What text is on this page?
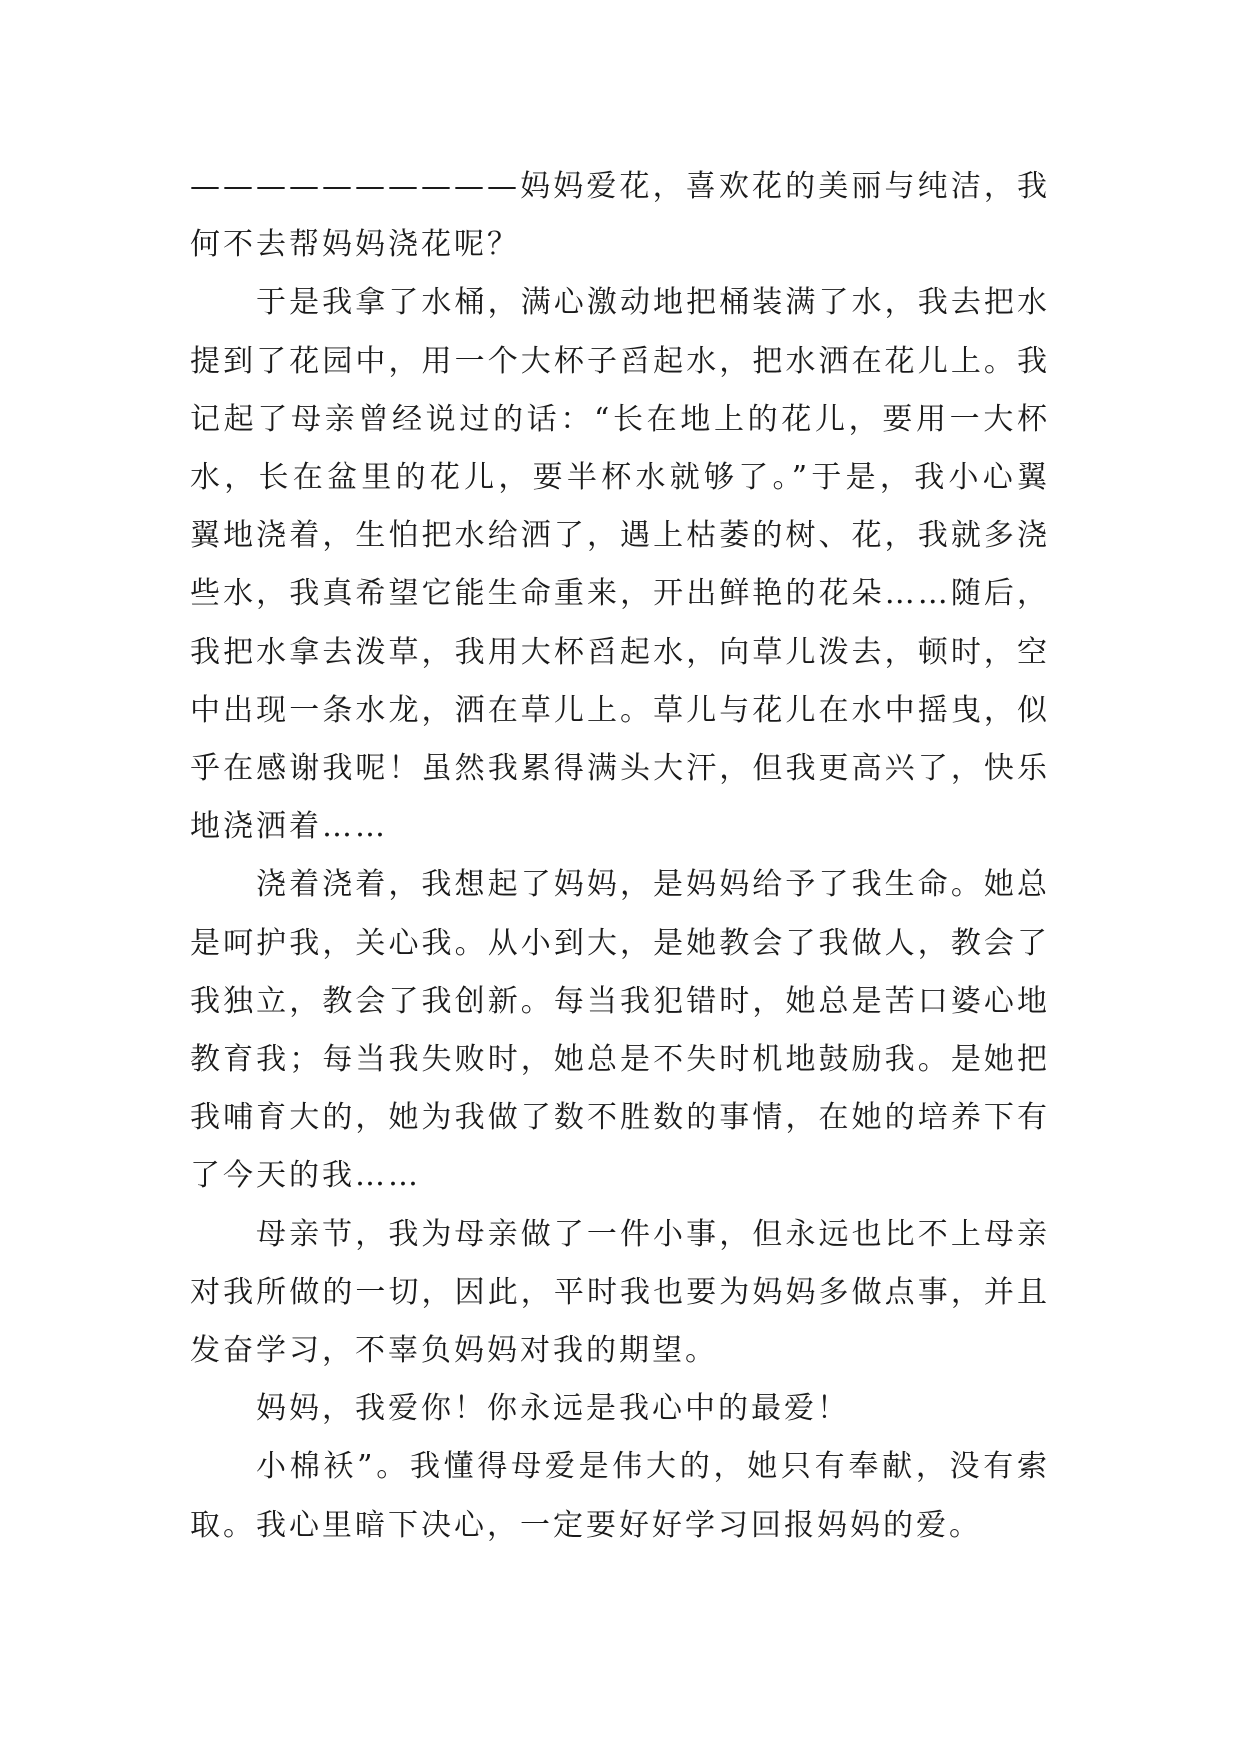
——————————妈妈爱花，喜欢花的美丽与纯洁，我何不去帮妈妈浇花呢？

于是我拿了水桶，满心激动地把桶装满了水，我去把水提到了花园中，用一个大杯子舀起水，把水洒在花儿上。我记起了母亲曾经说过的话：“长在地上的花儿，要用一大杯水，长在盆里的花儿，要半杯水就够了。”于是，我小心翼翼地浇着，生怕把水给洒了，遇上枯萎的树、花，我就多浇些水，我真希望它能生命重来，开出鲜艳的花朵……随后，我把水拿去泼草，我用大杯舀起水，向草儿泼去，顿时，空中出现一条水龙，洒在草儿上。草儿与花儿在水中摇曳，似乎在感谢我呢！虽然我累得满头大汗，但我更高兴了，快乐地浇洒着……

浇着浇着，我想起了妈妈，是妈妈给予了我生命。她总是呵护我，关心我。从小到大，是她教会了我做人，教会了我独立，教会了我创新。每当我犯错时，她总是苦口婆心地教育我；每当我失败时，她总是不失时机地鼓励我。是她把我哺育大的，她为我做了数不胜数的事情，在她的培养下有了今天的我……

母亲节，我为母亲做了一件小事，但永远也比不上母亲对我所做的一切，因此，平时我也要为妈妈多做点事，并且发奋学习，不辜负妈妈对我的期望。

妈妈，我爱你！你永远是我心中的最爱！

小棉袄”。我懂得母爱是伟大的，她只有奉献，没有索取。我心里暗下决心，一定要好好学习回报妈妈的爱。
